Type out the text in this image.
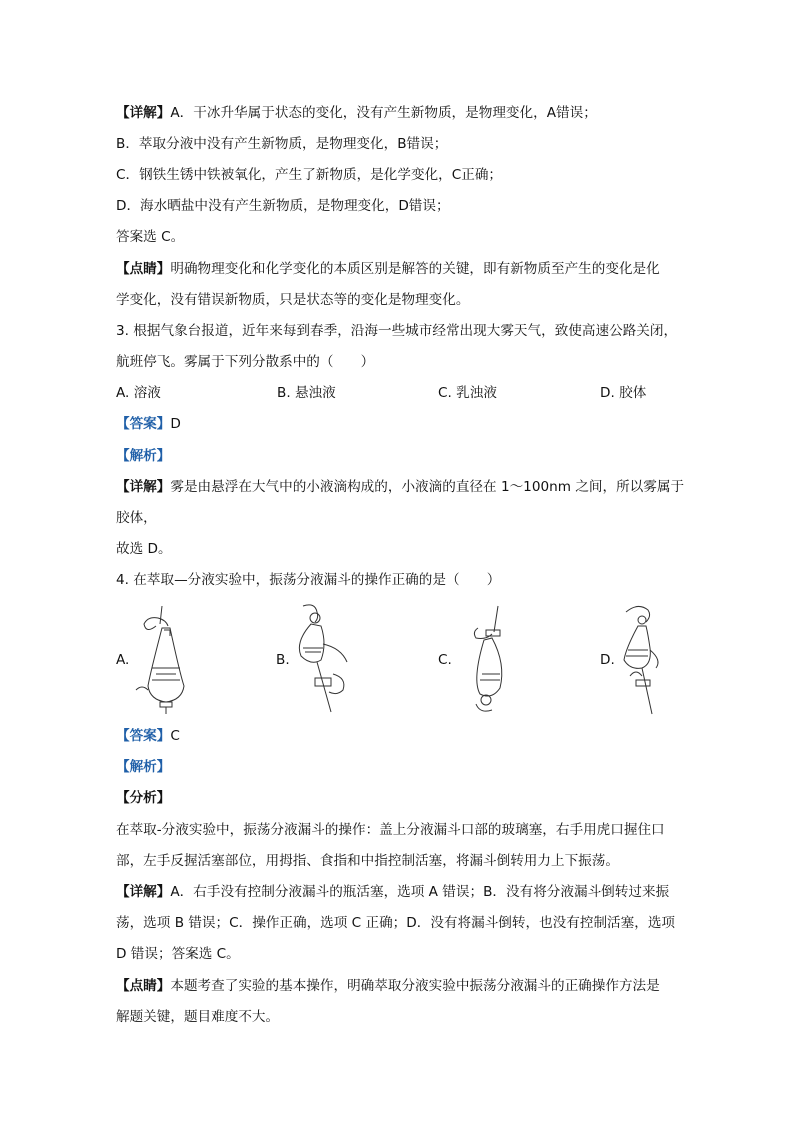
【详解】A．干冰升华属于状态的变化，没有产生新物质，是物理变化，A错误；
B．萃取分液中没有产生新物质，是物理变化，B错误；
C．钢铁生锈中铁被氧化，产生了新物质，是化学变化，C正确；
D．海水晒盐中没有产生新物质，是物理变化，D错误；
答案选 C。
【点睛】明确物理变化和化学变化的本质区别是解答的关键，即有新物质至产生的变化是化
学变化，没有错误新物质，只是状态等的变化是物理变化。
3. 根据气象台报道，近年来每到春季，沿海一些城市经常出现大雾天气，致使高速公路关闭，
航班停飞。雾属于下列分散系中的（　　）
A. 溶液	B. 悬浊液	C. 乳浊液	D. 胶体
【答案】D
【解析】
【详解】雾是由悬浮在大气中的小液滴构成的，小液滴的直径在 1～100nm 之间，所以雾属于
胶体，
故选 D。
4. 在萃取—分液实验中，振荡分液漏斗的操作正确的是（　　）
A.	B.	C.	D.
【答案】C
【解析】
【分析】
在萃取-分液实验中，振荡分液漏斗的操作：盖上分液漏斗口部的玻璃塞，右手用虎口握住口
部，左手反握活塞部位，用拇指、食指和中指控制活塞，将漏斗倒转用力上下振荡。
【详解】A．右手没有控制分液漏斗的瓶活塞，选项 A 错误；B．没有将分液漏斗倒转过来振
荡，选项 B 错误；C．操作正确，选项 C 正确；D．没有将漏斗倒转，也没有控制活塞，选项
D 错误；答案选 C。
【点睛】本题考查了实验的基本操作，明确萃取分液实验中振荡分液漏斗的正确操作方法是
解题关键，题目难度不大。
